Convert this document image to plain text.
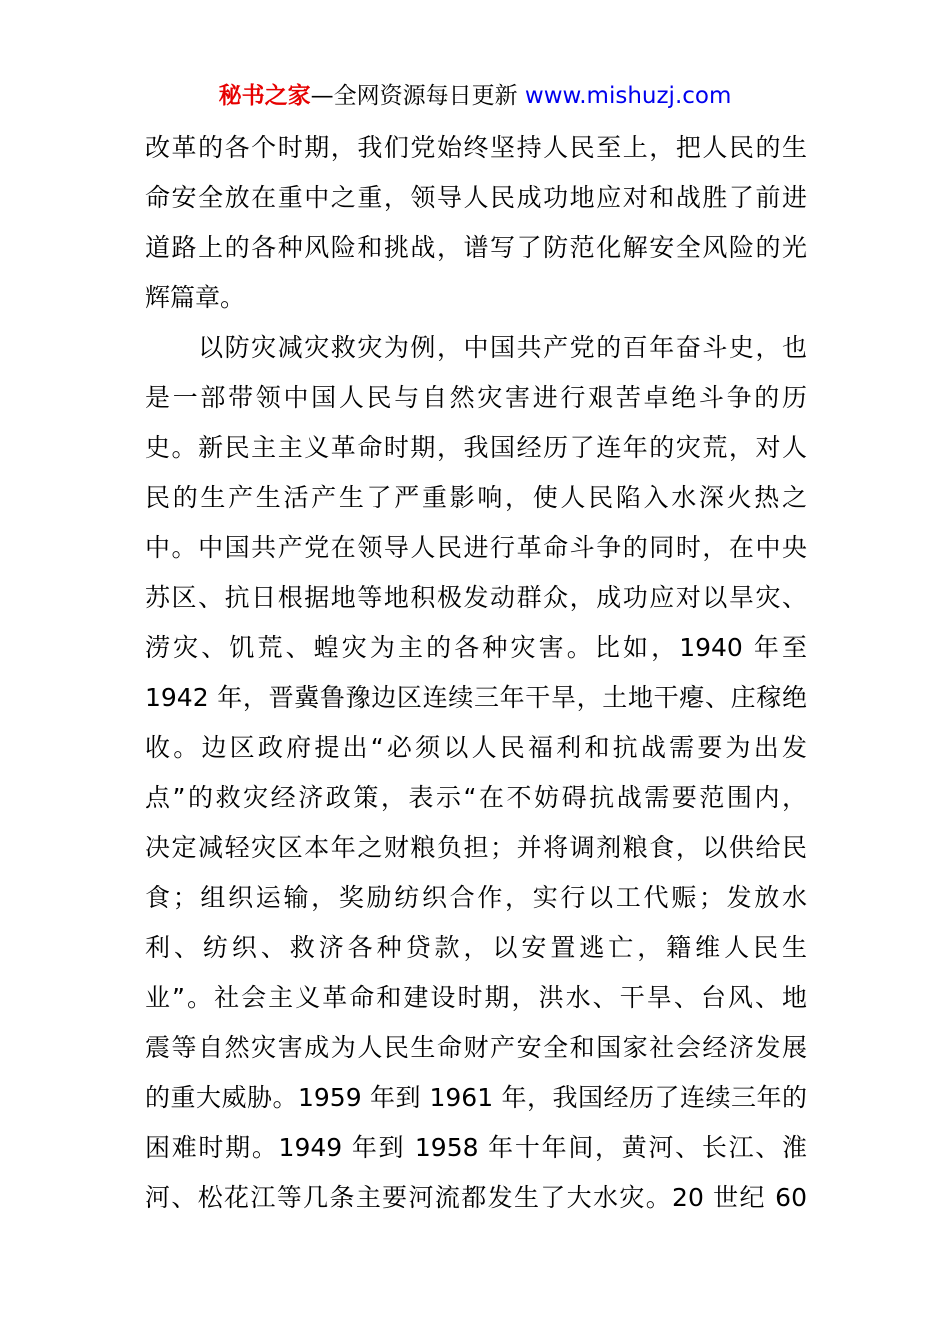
秘书之家—全网资源每日更新 www.mishuzj.com
改革的各个时期，我们党始终坚持人民至上，把人民的生
命安全放在重中之重，领导人民成功地应对和战胜了前进
道路上的各种风险和挑战，谱写了防范化解安全风险的光
辉篇章。
　　以防灾减灾救灾为例，中国共产党的百年奋斗史，也
是一部带领中国人民与自然灾害进行艰苦卓绝斗争的历
史。新民主主义革命时期，我国经历了连年的灾荒，对人
民的生产生活产生了严重影响，使人民陷入水深火热之
中。中国共产党在领导人民进行革命斗争的同时，在中央
苏区、抗日根据地等地积极发动群众，成功应对以旱灾、
涝灾、饥荒、蝗灾为主的各种灾害。比如，1940 年至
1942 年，晋冀鲁豫边区连续三年干旱，土地干瘪、庄稼绝
收。边区政府提出“必须以人民福利和抗战需要为出发
点”的救灾经济政策，表示“在不妨碍抗战需要范围内，
决定减轻灾区本年之财粮负担；并将调剂粮食，以供给民
食；组织运输，奖励纺织合作，实行以工代赈；发放水
利、纺织、救济各种贷款，以安置逃亡，籍维人民生
业”。社会主义革命和建设时期，洪水、干旱、台风、地
震等自然灾害成为人民生命财产安全和国家社会经济发展
的重大威胁。1959 年到 1961 年，我国经历了连续三年的
困难时期。1949 年到 1958 年十年间，黄河、长江、淮
河、松花江等几条主要河流都发生了大水灾。20 世纪 60
